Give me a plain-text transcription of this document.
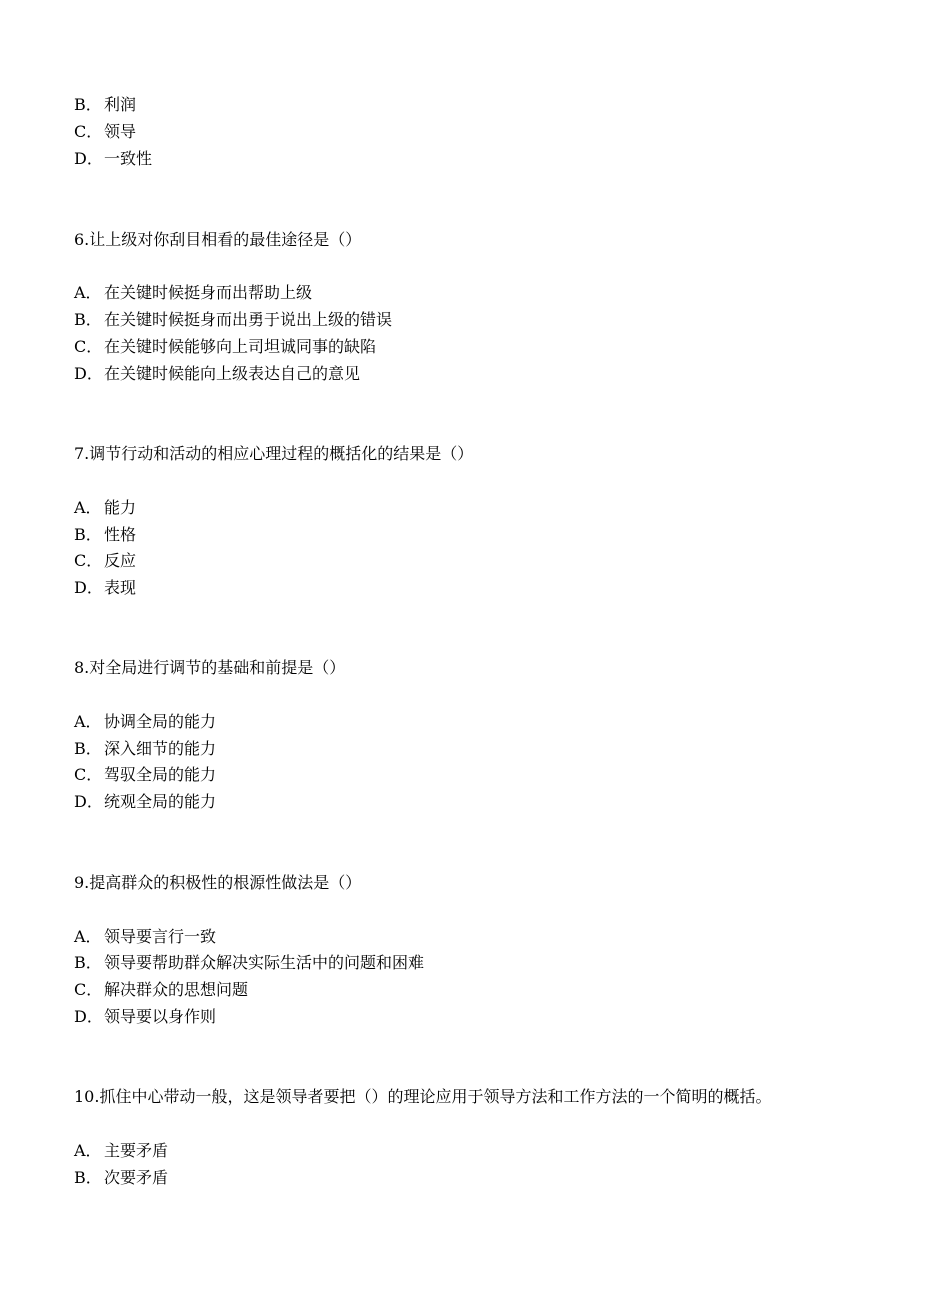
B． 利润
C． 领导
D．一致性
6.让上级对你刮目相看的最佳途径是（）
A． 在关键时候挺身而出帮助上级
B． 在关键时候挺身而出勇于说出上级的错误
C． 在关键时候能够向上司坦诚同事的缺陷
D．在关键时候能向上级表达自己的意见
7.调节行动和活动的相应心理过程的概括化的结果是（）
A． 能力
B． 性格
C． 反应
D．表现
8.对全局进行调节的基础和前提是（）
A． 协调全局的能力
B． 深入细节的能力
C． 驾驭全局的能力
D．统观全局的能力
9.提高群众的积极性的根源性做法是（）
A． 领导要言行一致
B． 领导要帮助群众解决实际生活中的问题和困难
C． 解决群众的思想问题
D．领导要以身作则
10.抓住中心带动一般，这是领导者要把（）的理论应用于领导方法和工作方法的一个简明的概括。
A． 主要矛盾
B． 次要矛盾
